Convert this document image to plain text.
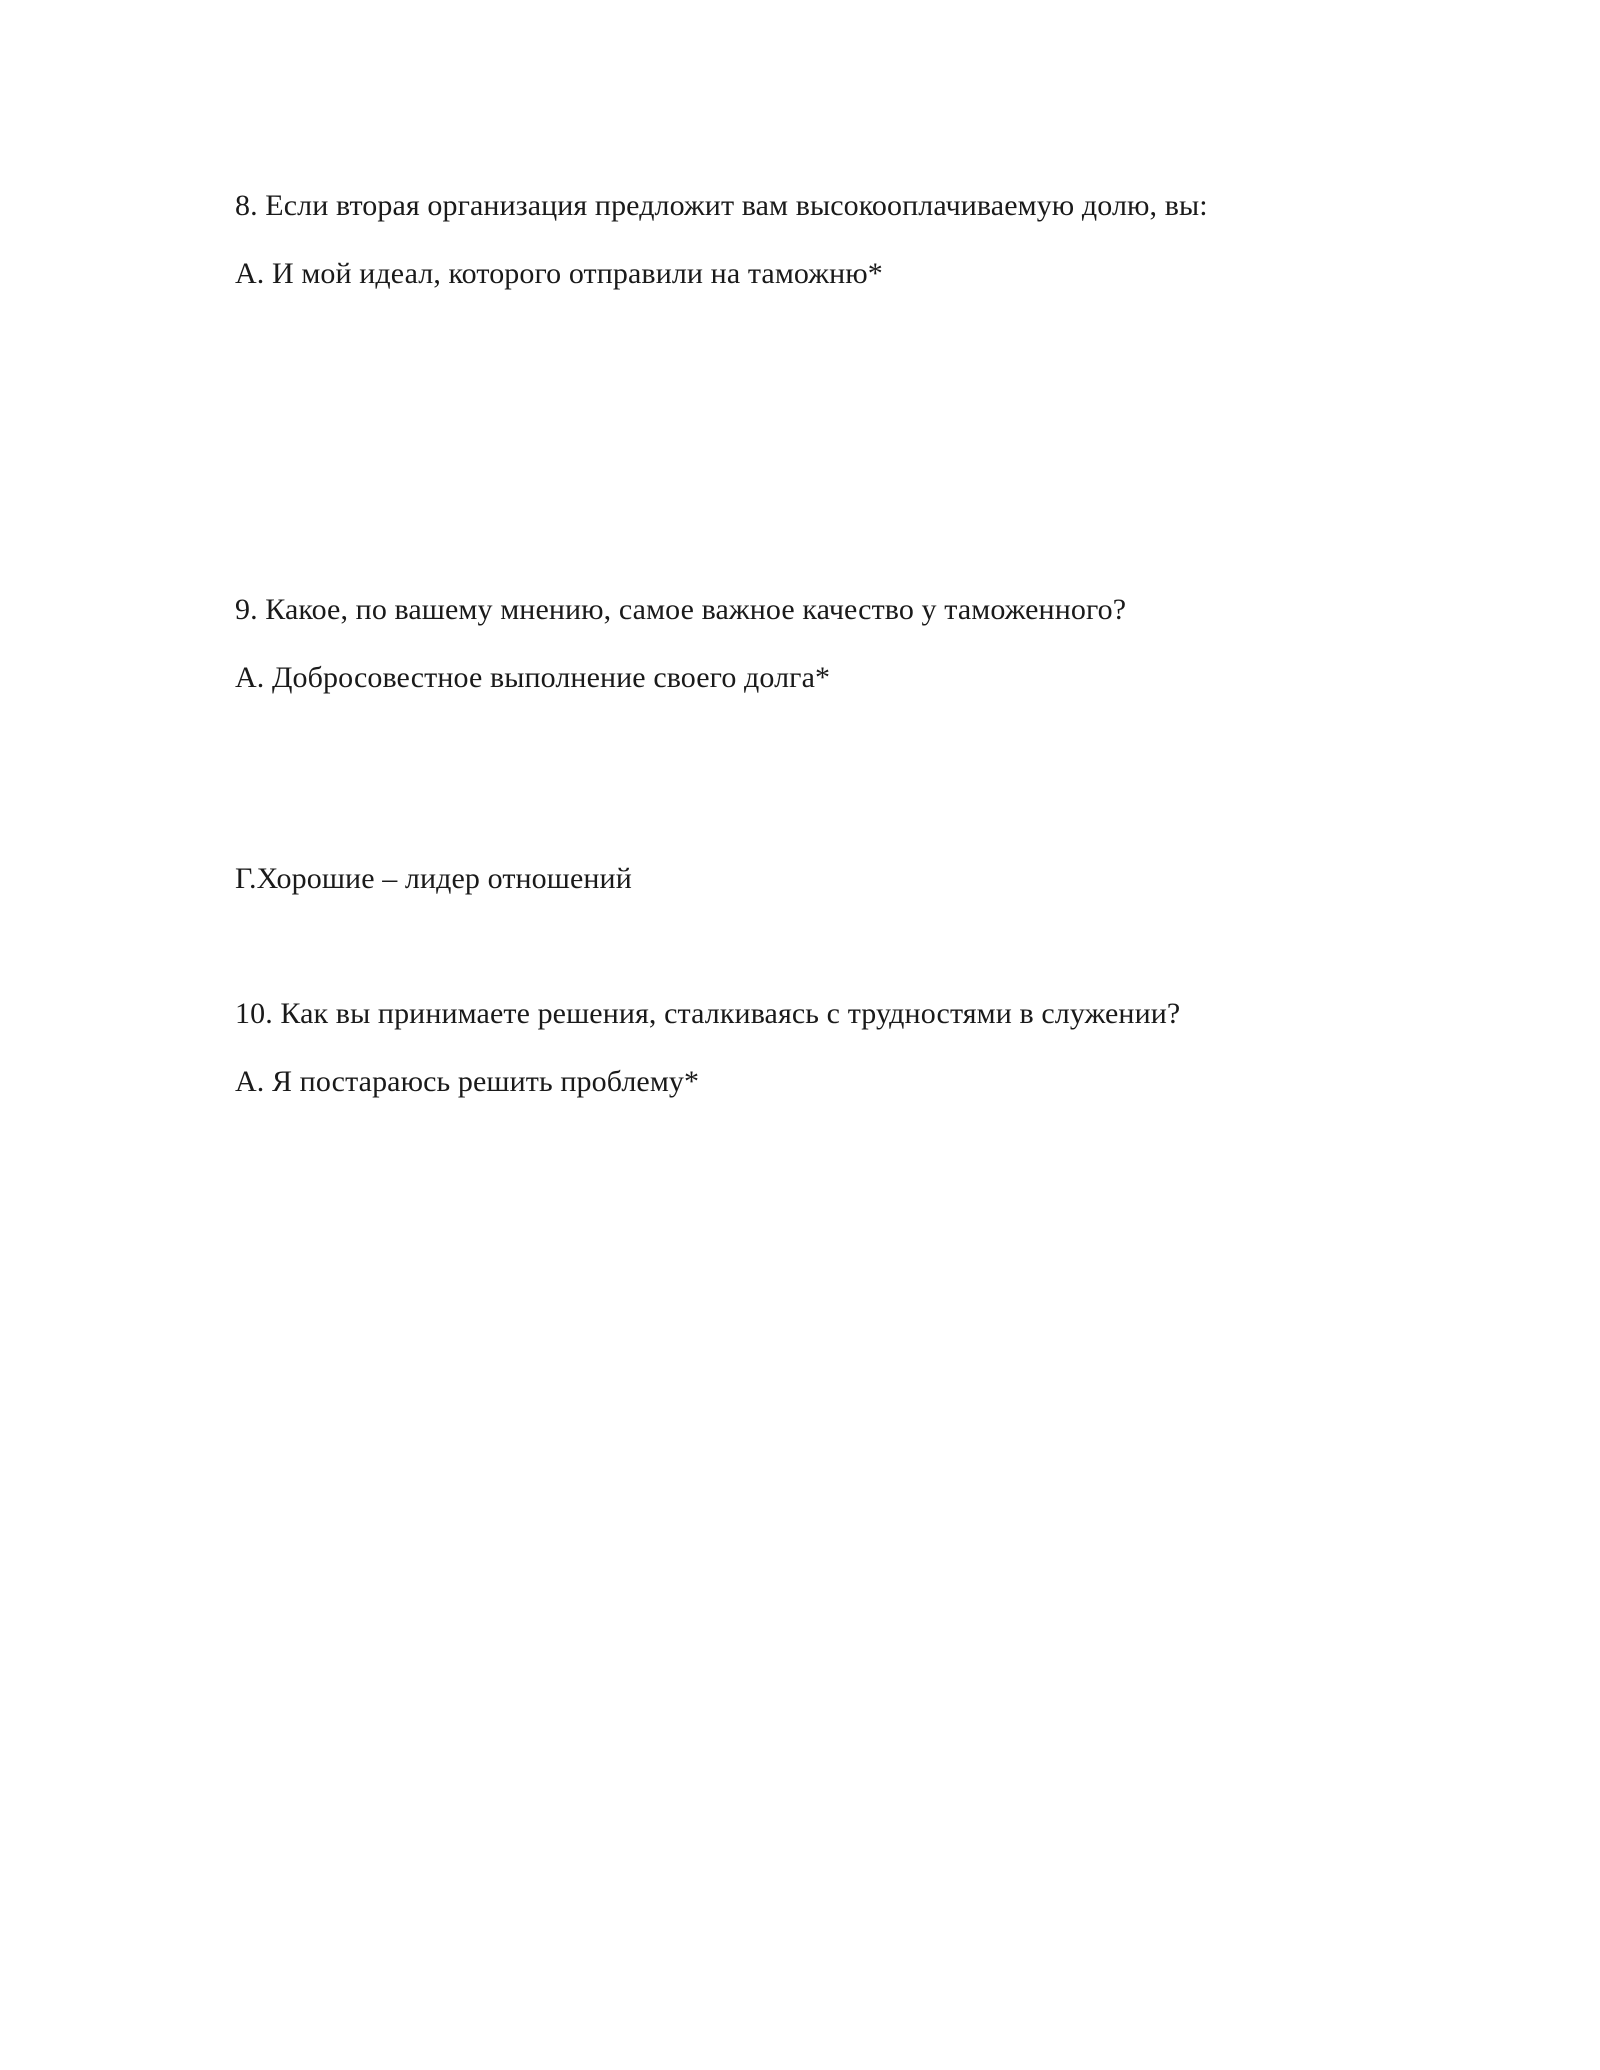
8. Если вторая организация предложит вам высокооплачиваемую долю, вы:
А. И мой идеал, которого отправили на таможню*
9. Какое, по вашему мнению, самое важное качество у таможенного?
А. Добросовестное выполнение своего долга*
Г.Хорошие – лидер отношений
10. Как вы принимаете решения, сталкиваясь с трудностями в служении?
А. Я постараюсь решить проблему*
